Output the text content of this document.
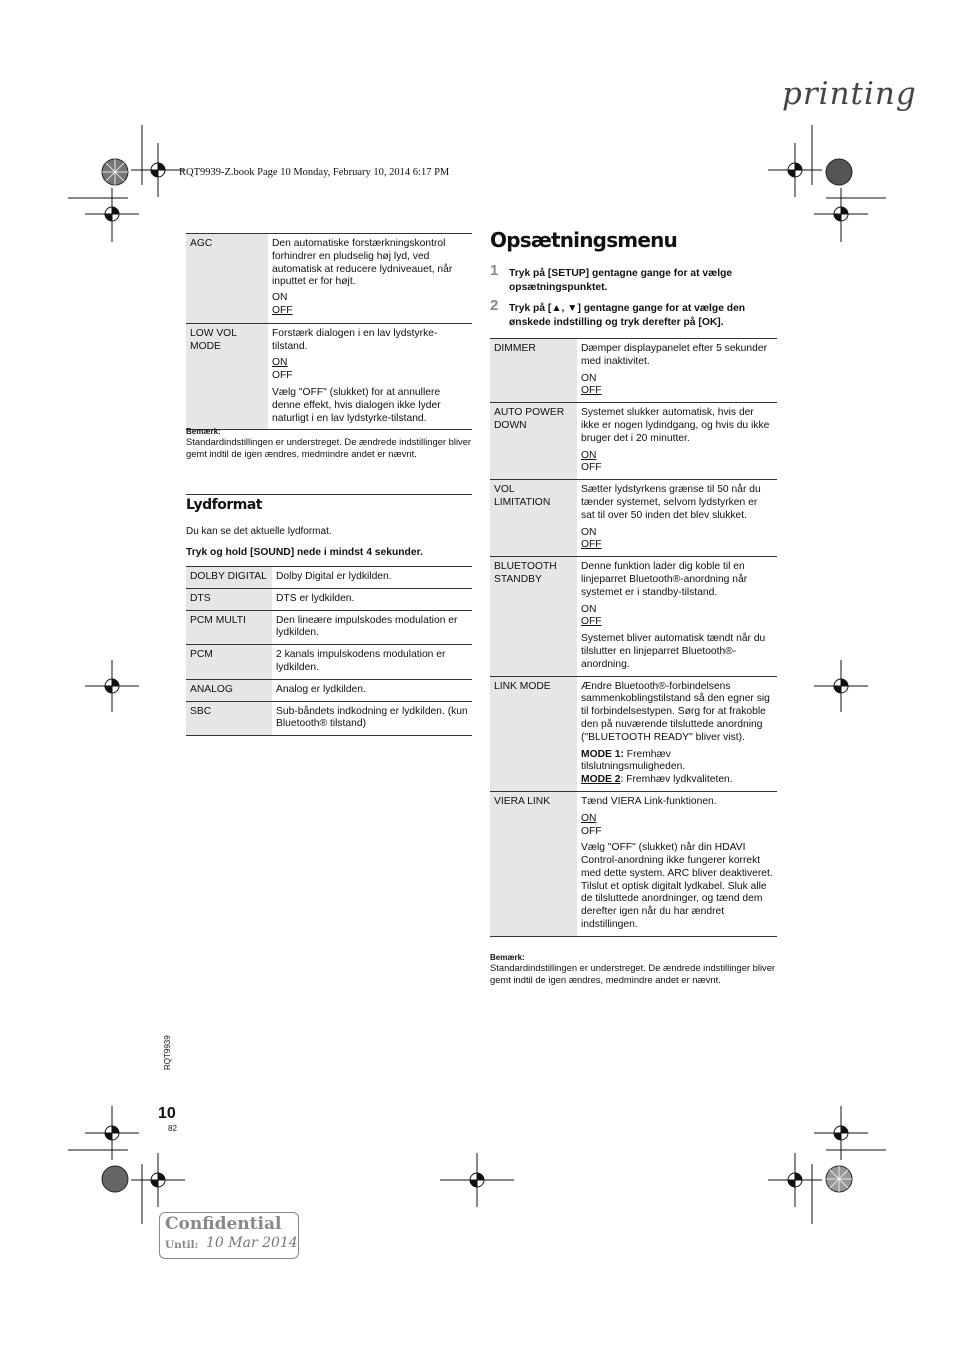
printing
RQT9939-Z.book Page 10 Monday, February 10, 2014 6:17 PM
AGC	Den automatiske forstærkningskontrol forhindrer en pludselig høj lyd, ved automatisk at reducere lydniveauet, når inputtet er for højt.

ON

OFF

LOW VOL MODE	Forstærk dialogen i en lav lydstyrke-tilstand.

ON

OFF

Vælg "OFF" (slukket) for at annullere denne effekt, hvis dialogen ikke lyder naturligt i en lav lydstyrke-tilstand.

Bemærk:
Standardindstillingen er understreget. De ændrede indstillinger bliver gemt indtil de igen ændres, medmindre andet er nævnt.
Lydformat
Du kan se det aktuelle lydformat.
Tryk og hold [SOUND] nede i mindst 4 sekunder.
DOLBY DIGITAL	Dolby Digital er lydkilden.
DTS	DTS er lydkilden.
PCM MULTI	Den lineære impulskodes modulation er lydkilden.
PCM	2 kanals impulskodens modulation er lydkilden.
ANALOG	Analog er lydkilden.
SBC	Sub-båndets indkodning er lydkilden. (kun Bluetooth® tilstand)
Opsætningsmenu
1 Tryk på [SETUP] gentagne gange for at vælge opsætningspunktet.
2 Tryk på [▲, ▼] gentagne gange for at vælge den ønskede indstilling og tryk derefter på [OK].
DIMMER	Dæmper displaypanelet efter 5 sekunder med inaktivitet.

ON

OFF

AUTO POWER DOWN	Systemet slukker automatisk, hvis der ikke er nogen lydindgang, og hvis du ikke bruger det i 20 minutter.

ON

OFF

VOL LIMITATION	Sætter lydstyrkens grænse til 50 når du tænder systemet, selvom lydstyrken er sat til over 50 inden det blev slukket.

ON

OFF

BLUETOOTH STANDBY	Denne funktion lader dig koble til en linjeparret Bluetooth®-anordning når systemet er i standby-tilstand.

ON

OFF

Systemet bliver automatisk tændt når du tilslutter en linjeparret Bluetooth®-anordning.

LINK MODE	Ændre Bluetooth®-forbindelsens sammenkoblingstilstand så den egner sig til forbindelsestypen. Sørg for at frakoble den på nuværende tilsluttede anordning ("BLUETOOTH READY" bliver vist).

MODE 1: Fremhæv tilslutningsmuligheden.

MODE 2: Fremhæv lydkvaliteten.

VIERA LINK	Tænd VIERA Link-funktionen.

ON

OFF

Vælg "OFF" (slukket) når din HDAVI Control-anordning ikke fungerer korrekt med dette system. ARC bliver deaktiveret. Tilslut et optisk digitalt lydkabel. Sluk alle de tilsluttede anordninger, og tænd dem derefter igen når du har ændret indstillingen.

Bemærk:
Standardindstillingen er understreget. De ændrede indstillinger bliver gemt indtil de igen ændres, medmindre andet er nævnt.
RQT9939
10
82
Confidential
Until: 10 Mar 2014
